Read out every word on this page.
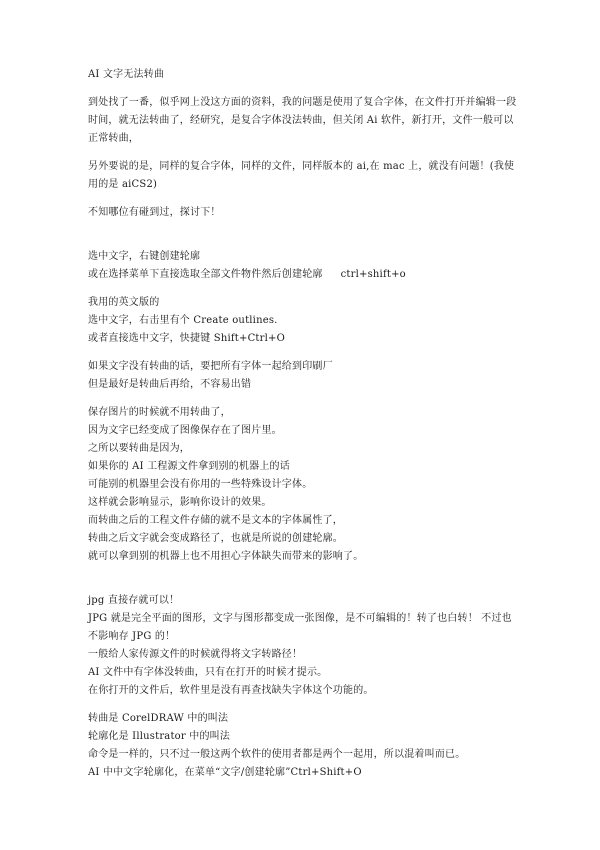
AI 文字无法转曲
到处找了一番，似乎网上没这方面的资料，我的问题是使用了复合字体，在文件打开并编辑一段时间，就无法转曲了，经研究，是复合字体没法转曲，但关闭 Ai 软件，新打开，文件一般可以正常转曲，
另外要说的是，同样的复合字体，同样的文件，同样版本的 ai,在 mac 上，就没有问题！(我使用的是 aiCS2)
不知哪位有碰到过，探讨下！
选中文字，右键创建轮廓
或在选择菜单下直接选取全部文件物件然后创建轮廓 ctrl+shift+o
我用的英文版的
选中文字，右击里有个 Create outlines.
或者直接选中文字，快捷键 Shift+Ctrl+O
如果文字没有转曲的话，要把所有字体一起给到印刷厂
但是最好是转曲后再给，不容易出错
保存图片的时候就不用转曲了，
因为文字已经变成了图像保存在了图片里。
之所以要转曲是因为，
如果你的 AI 工程源文件拿到别的机器上的话
可能别的机器里会没有你用的一些特殊设计字体。
这样就会影响显示，影响你设计的效果。
而转曲之后的工程文件存储的就不是文本的字体属性了，
转曲之后文字就会变成路径了，也就是所说的创建轮廓。
就可以拿到别的机器上也不用担心字体缺失而带来的影响了。
jpg 直接存就可以！
JPG 就是完全平面的图形，文字与图形都变成一张图像，是不可编辑的！转了也白转！ 不过也不影响存 JPG 的！
一般给人家传源文件的时候就得将文字转路径！
AI 文件中有字体没转曲，只有在打开的时候才提示。
在你打开的文件后，软件里是没有再查找缺失字体这个功能的。
转曲是 CorelDRAW 中的叫法
轮廓化是 Illustrator 中的叫法
命令是一样的，只不过一般这两个软件的使用者都是两个一起用，所以混着叫而已。
AI 中中文字轮廓化，在菜单“文字/创建轮廓”Ctrl+Shift+O
